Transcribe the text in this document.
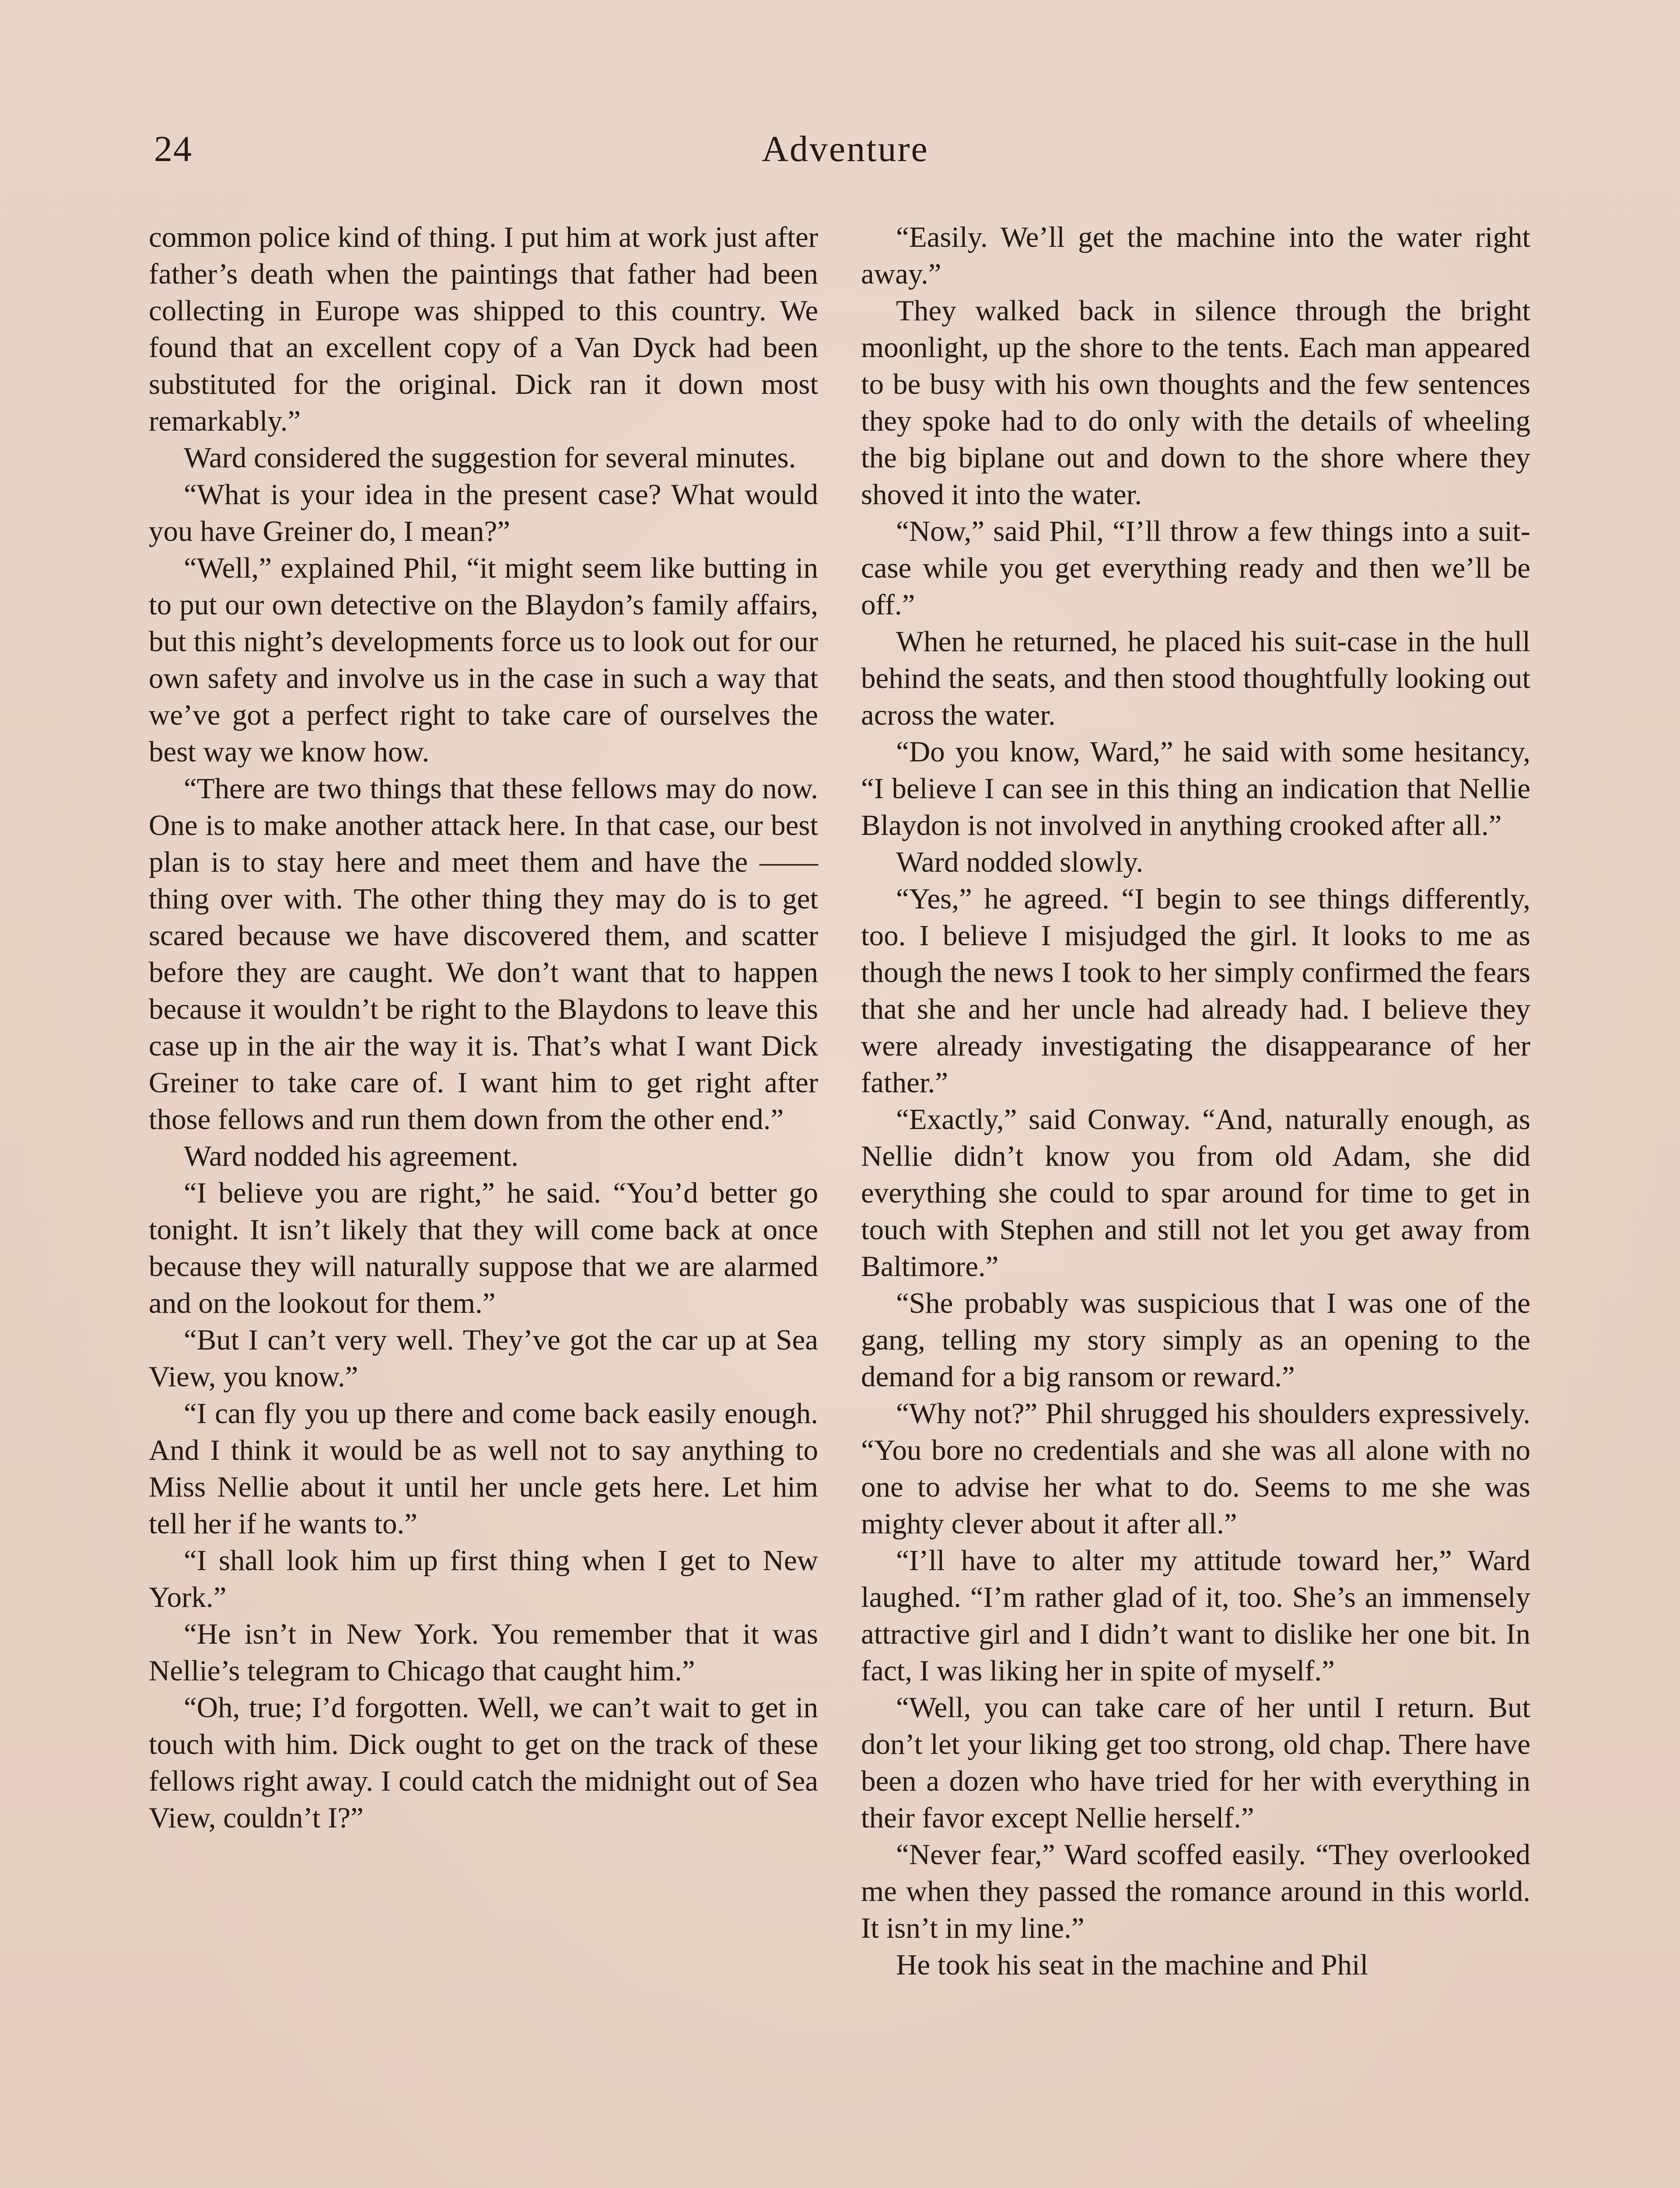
24	Adventure

common police kind of thing. I put him at work just after father’s death when the paintings that father had been collecting in Europe was shipped to this country. We found that an excellent copy of a Van Dyck had been substituted for the original. Dick ran it down most remarkably.”

Ward considered the suggestion for several minutes.

“What is your idea in the present case? What would you have Greiner do, I mean?”

“Well,” explained Phil, “it might seem like butting in to put our own detective on the Blaydon’s family affairs, but this night’s developments force us to look out for our own safety and involve us in the case in such a way that we’ve got a perfect right to take care of ourselves the best way we know how.

“There are two things that these fellows may do now. One is to make another attack here. In that case, our best plan is to stay here and meet them and have the —— thing over with. The other thing they may do is to get scared because we have discovered them, and scatter before they are caught. We don’t want that to happen because it wouldn’t be right to the Blaydons to leave this case up in the air the way it is. That’s what I want Dick Greiner to take care of. I want him to get right after those fellows and run them down from the other end.”

Ward nodded his agreement.

“I believe you are right,” he said. “You’d better go tonight. It isn’t likely that they will come back at once because they will naturally suppose that we are alarmed and on the lookout for them.”

“But I can’t very well. They’ve got the car up at Sea View, you know.”

“I can fly you up there and come back easily enough. And I think it would be as well not to say anything to Miss Nellie about it until her uncle gets here. Let him tell her if he wants to.”

“I shall look him up first thing when I get to New York.”

“He isn’t in New York. You remember that it was Nellie’s telegram to Chicago that caught him.”

“Oh, true; I’d forgotten. Well, we can’t wait to get in touch with him. Dick ought to get on the track of these fellows right away. I could catch the midnight out of Sea View, couldn’t I?”

“Easily. We’ll get the machine into the water right away.”

They walked back in silence through the bright moonlight, up the shore to the tents. Each man appeared to be busy with his own thoughts and the few sentences they spoke had to do only with the details of wheeling the big biplane out and down to the shore where they shoved it into the water.

“Now,” said Phil, “I’ll throw a few things into a suit-case while you get everything ready and then we’ll be off.”

When he returned, he placed his suit-case in the hull behind the seats, and then stood thoughtfully looking out across the water.

“Do you know, Ward,” he said with some hesitancy, “I believe I can see in this thing an indication that Nellie Blaydon is not involved in anything crooked after all.”

Ward nodded slowly.

“Yes,” he agreed. “I begin to see things differently, too. I believe I misjudged the girl. It looks to me as though the news I took to her simply confirmed the fears that she and her uncle had already had. I believe they were already investigating the disappearance of her father.”

“Exactly,” said Conway. “And, naturally enough, as Nellie didn’t know you from old Adam, she did everything she could to spar around for time to get in touch with Stephen and still not let you get away from Baltimore.”

“She probably was suspicious that I was one of the gang, telling my story simply as an opening to the demand for a big ransom or reward.”

“Why not?” Phil shrugged his shoulders expressively. “You bore no credentials and she was all alone with no one to advise her what to do. Seems to me she was mighty clever about it after all.”

“I’ll have to alter my attitude toward her,” Ward laughed. “I’m rather glad of it, too. She’s an immensely attractive girl and I didn’t want to dislike her one bit. In fact, I was liking her in spite of myself.”

“Well, you can take care of her until I return. But don’t let your liking get too strong, old chap. There have been a dozen who have tried for her with everything in their favor except Nellie herself.”

“Never fear,” Ward scoffed easily. “They overlooked me when they passed the romance around in this world. It isn’t in my line.”

He took his seat in the machine and Phil
